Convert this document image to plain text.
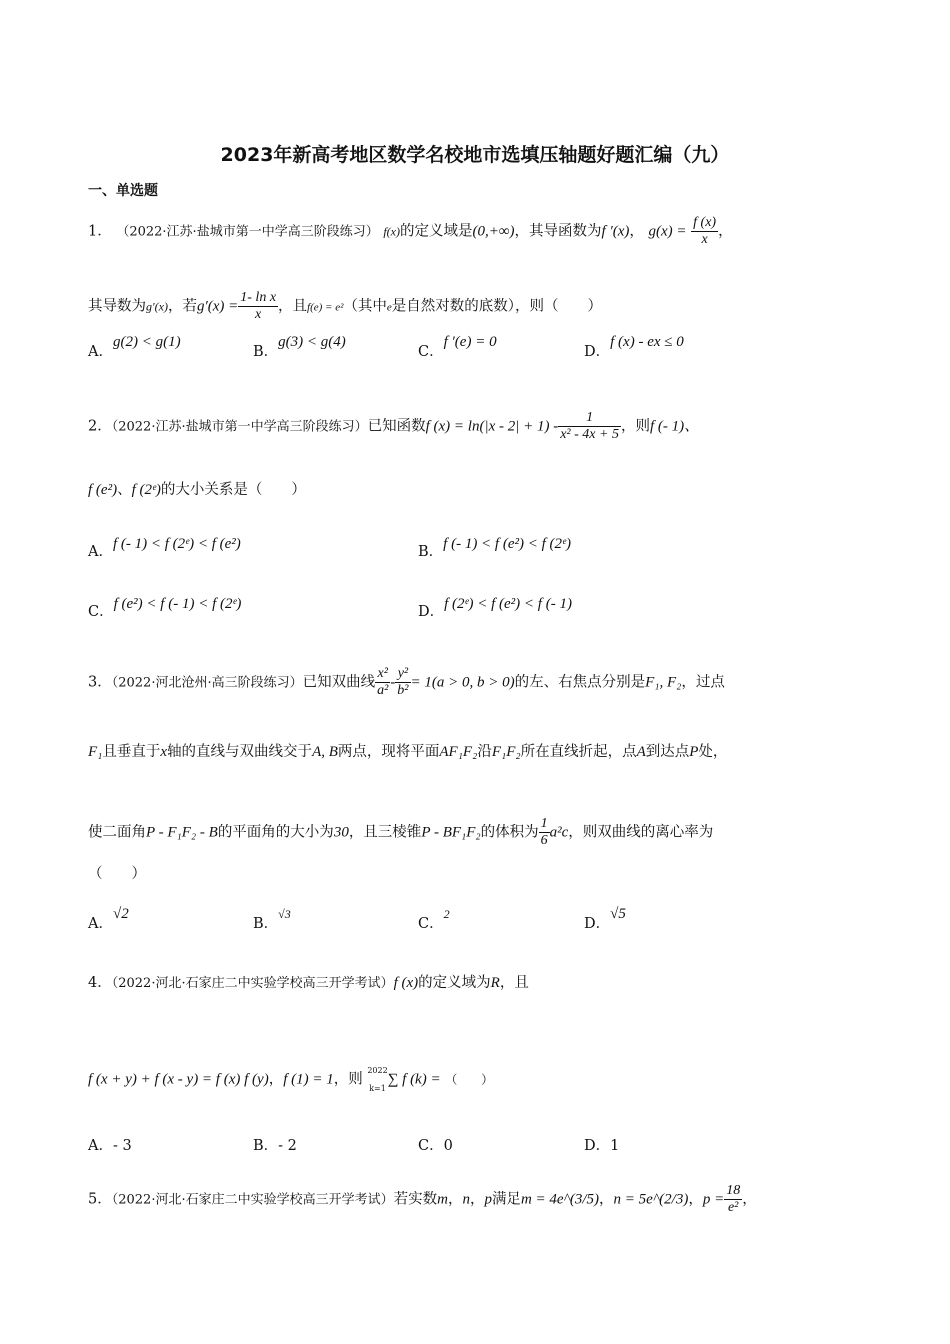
2023年新高考地区数学名校地市选填压轴题好题汇编（九）
一、单选题
1． （2022·江苏·盐城市第一中学高三阶段练习） f(x)的定义域是(0,+∞)，其导函数为f ′(x)， $g(x) = \frac{f (x)}{x}$ ，
其导数为g′(x)，若$g'(x) = \frac{\text{1- ln x}}{x}$ ，且f(e) = e²（其中e是自然对数的底数），则（　　）
A．g(2) < g(1)
B．g(3) < g(4)
C．f ′(e) = 0
D．f (x) - ex ≤ 0
2．（2022·江苏·盐城市第一中学高三阶段练习）已知函数f $(x) = \ln(|x - 2| + 1) - \frac{1}{\text{x² - 4x + 5}}$ ，则f (- 1)、
f (e²)、f (2ᵉ)的大小关系是（　　）
A．f (- 1) < f (2ᵉ) < f (e²)	B．f (- 1) < f (e²) < f (2ᵉ)
C．f (e²) < f (- 1) < f (2ᵉ)	D．f (2ᵉ) < f (e²) < f (- 1)
3．（2022·河北沧州·高三阶段练习）已知双曲线 $\frac{\text{x²}}{\text{a²}} - \frac{\text{y²}}{\text{b²}} = 1(a > 0$, b > 0)的左、右焦点分别是F₁, F₂，过点
F₁且垂直于x轴的直线与双曲线交于A, B两点，现将平面AF₁F₂沿F₁F₂所在直线折起，点A到达点P处，
使二面角P - F₁F₂ - B的平面角的大小为30，且三棱锥P - BF₁F₂的体积为 $\frac{1}{6} a^2c$，则双曲线的离心率为
（　　）
A．√2
B．$^{√3}$
C．$^2$
D．√5
4．（2022·河北·石家庄二中实验学校高三开学考试）f (x)的定义域为R，且
f (x + y) + f (x - y) = f (x) f (y)，f (1) = 1，则
2022

k=1
∑ f (k) = （　　）
A．- 3	B．- 2	C．0	D．1
5．（2022·河北·石家庄二中实验学校高三开学考试）若实数m，n，p满足m = 4e^(3/5)，n = 5e^(2/3)，$p = \frac{18}{\text{e²}}$ ，
